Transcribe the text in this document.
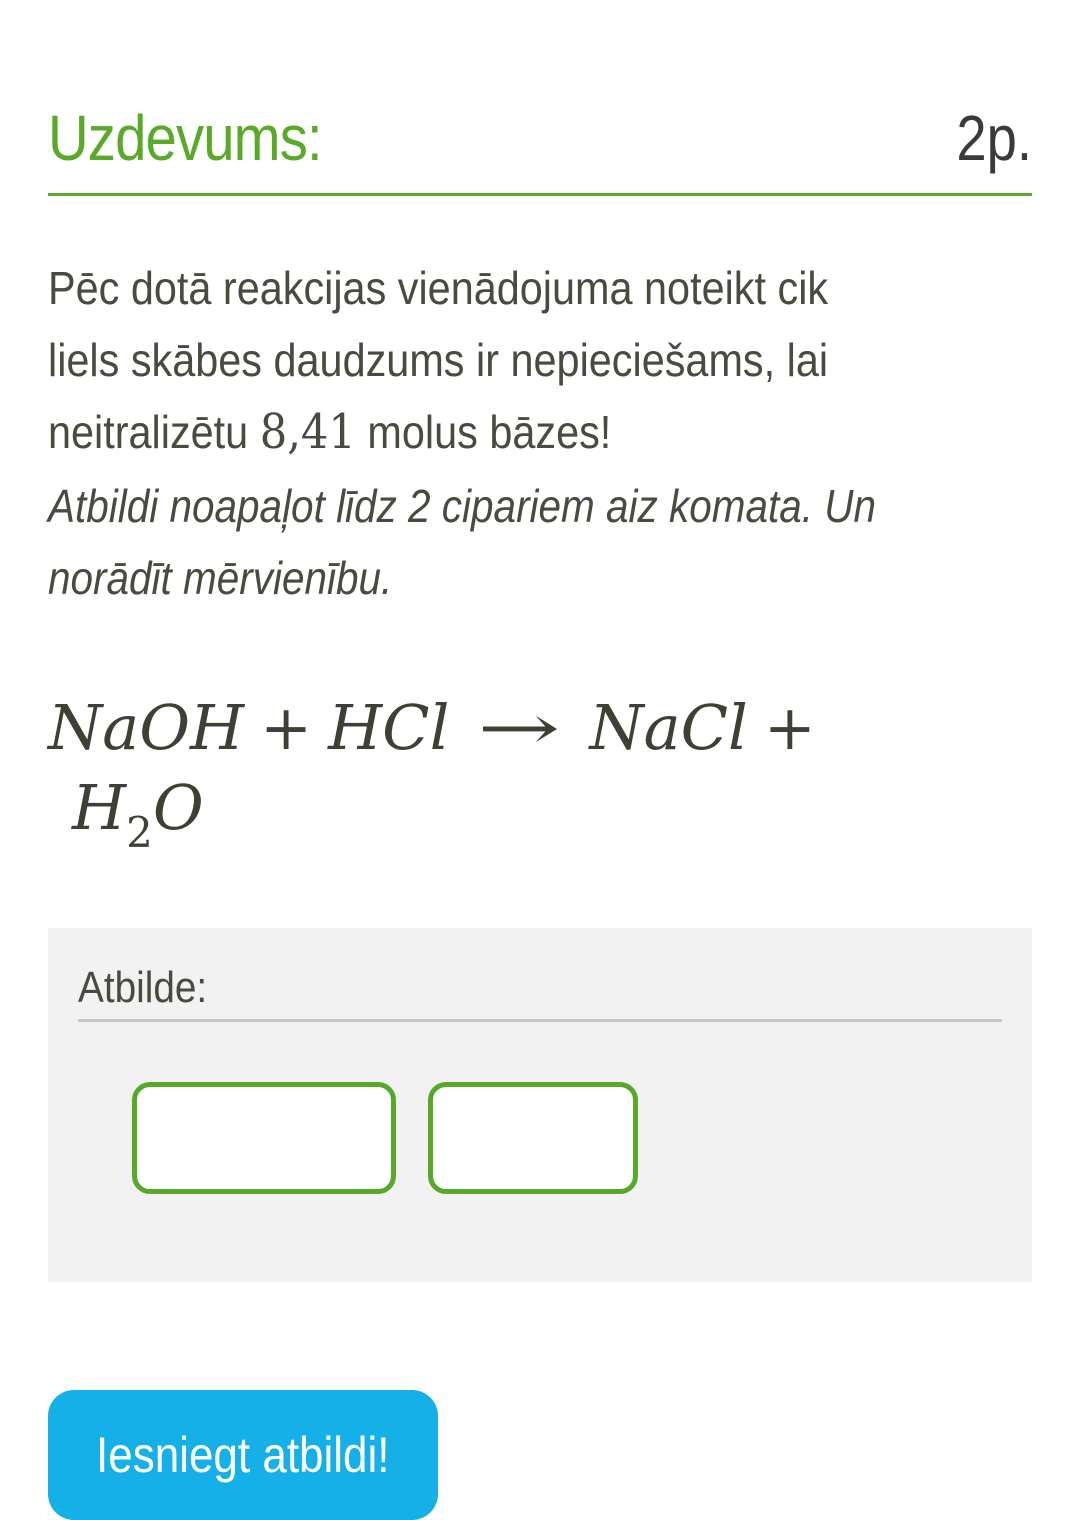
Uzdevums:	2p.
Pēc dotā reakcijas vienādojuma noteikt cik
liels skābes daudzums ir nepieciešams, lai
neitralizētu 8,41 molus bāzes!
Atbildi noapaļot līdz 2 cipariem aiz komata. Un
norādīt mērvienību.
NaOH + HCl → NaCl +
$H_2O$
Atbilde:
Iesniegt atbildi!
